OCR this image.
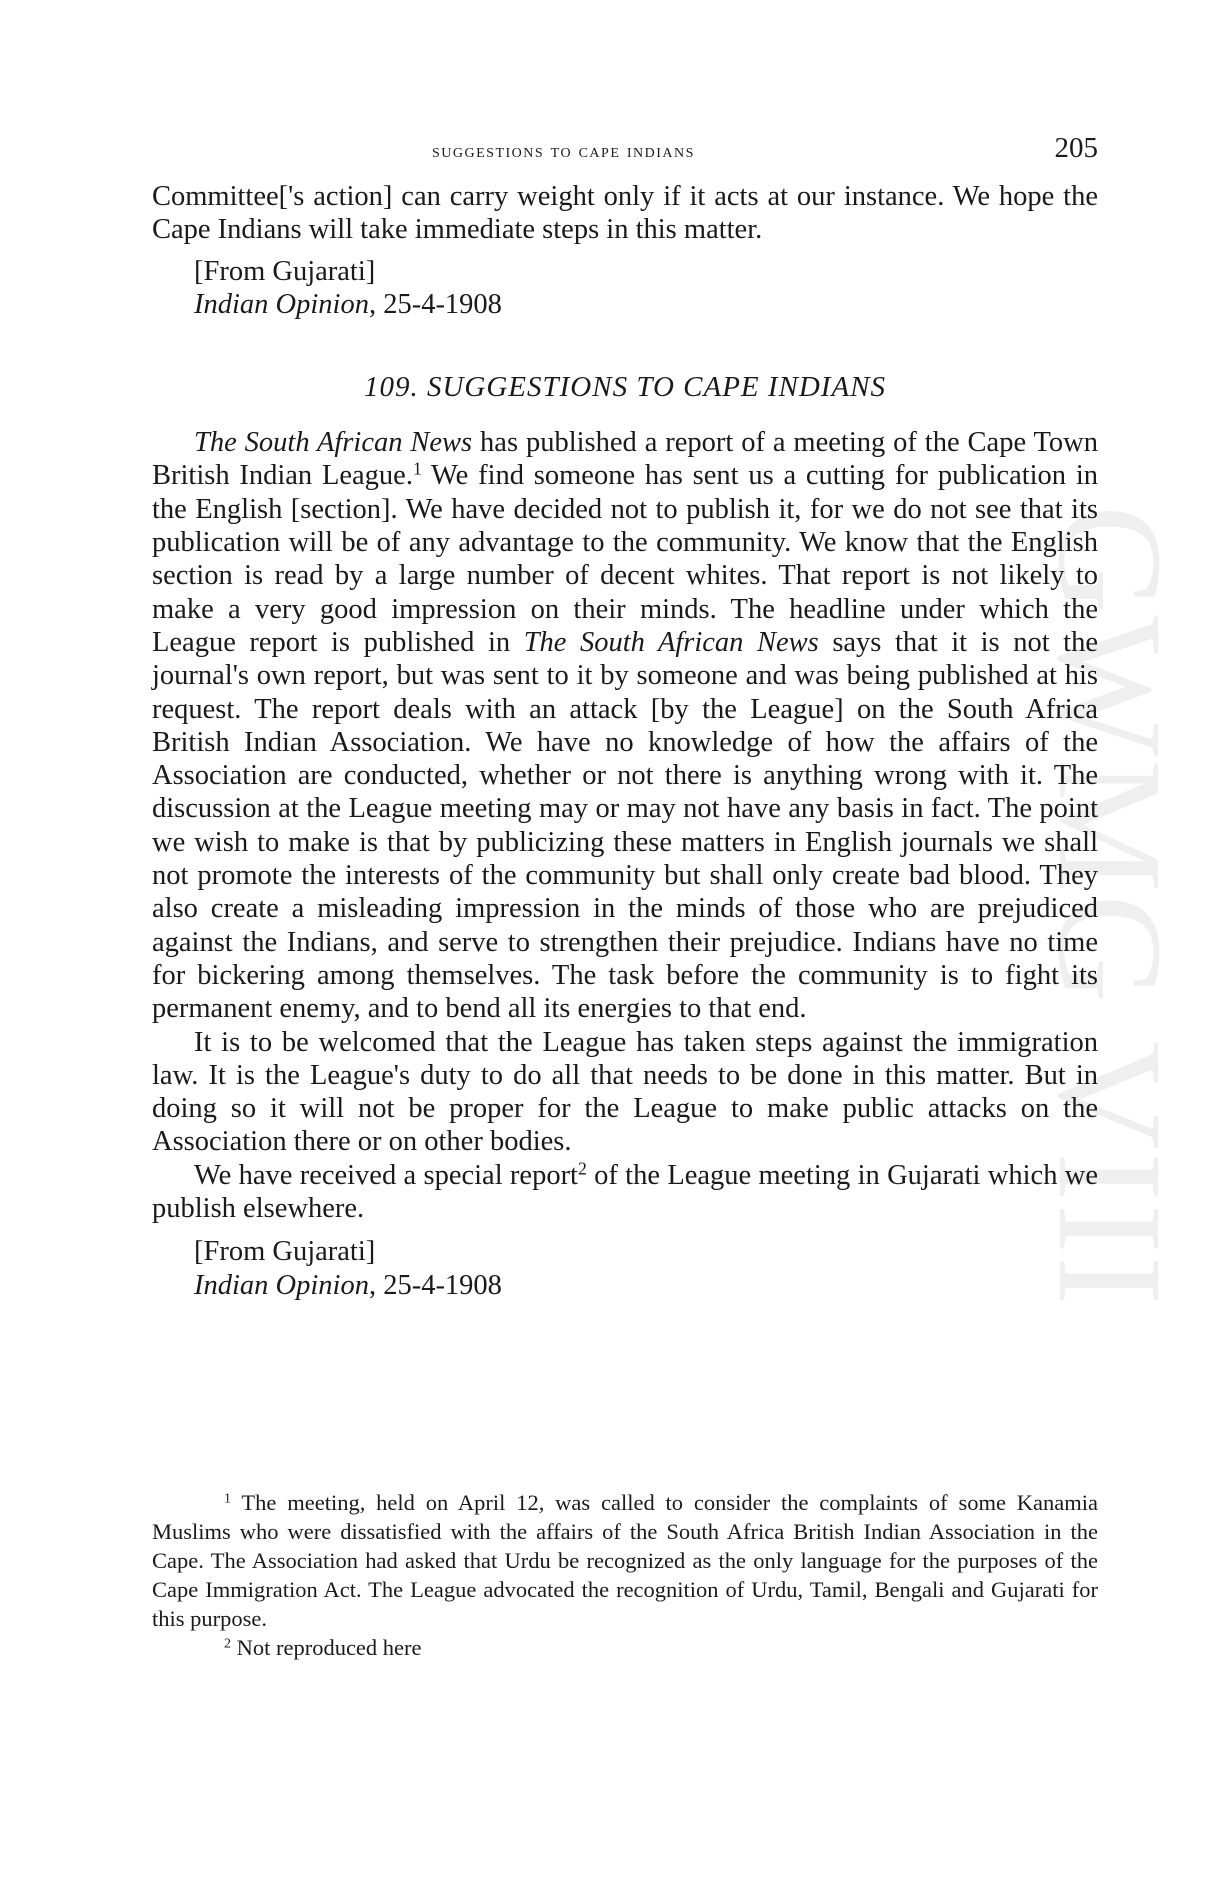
GWMG VIII
suggestions to cape indians	205

Committee['s action] can carry weight only if it acts at our instance. We hope the Cape Indians will take immediate steps in this matter.

[From Gujarati]
Indian Opinion, 25-4-1908
109. SUGGESTIONS TO CAPE INDIANS

The South African News has published a report of a meeting of the Cape Town British Indian League.$^1$ We find someone has sent us a cutting for publication in the English [section]. We have decided not to publish it, for we do not see that its publication will be of any advantage to the community. We know that the English section is read by a large number of decent whites. That report is not likely to make a very good impression on their minds. The headline under which the League report is published in The South African News says that it is not the journal's own report, but was sent to it by someone and was being published at his request. The report deals with an attack [by the League] on the South Africa British Indian Association. We have no knowledge of how the affairs of the Association are conducted, whether or not there is anything wrong with it. The discussion at the League meeting may or may not have any basis in fact. The point we wish to make is that by publicizing these matters in English journals we shall not promote the interests of the community but shall only create bad blood. They also create a misleading impression in the minds of those who are prejudiced against the Indians, and serve to strengthen their prejudice. Indians have no time for bickering among themselves. The task before the community is to fight its permanent enemy, and to bend all its energies to that end.

It is to be welcomed that the League has taken steps against the immigration law. It is the League's duty to do all that needs to be done in this matter. But in doing so it will not be proper for the League to make public attacks on the Association there or on other bodies.

We have received a special report$^2$ of the League meeting in Gujarati which we publish elsewhere.

[From Gujarati]
Indian Opinion, 25-4-1908

$^1$ The meeting, held on April 12, was called to consider the complaints of some Kanamia Muslims who were dissatisfied with the affairs of the South Africa British Indian Association in the Cape. The Association had asked that Urdu be recognized as the only language for the purposes of the Cape Immigration Act. The League advocated the recognition of Urdu, Tamil, Bengali and Gujarati for this purpose.

$^2$ Not reproduced here
